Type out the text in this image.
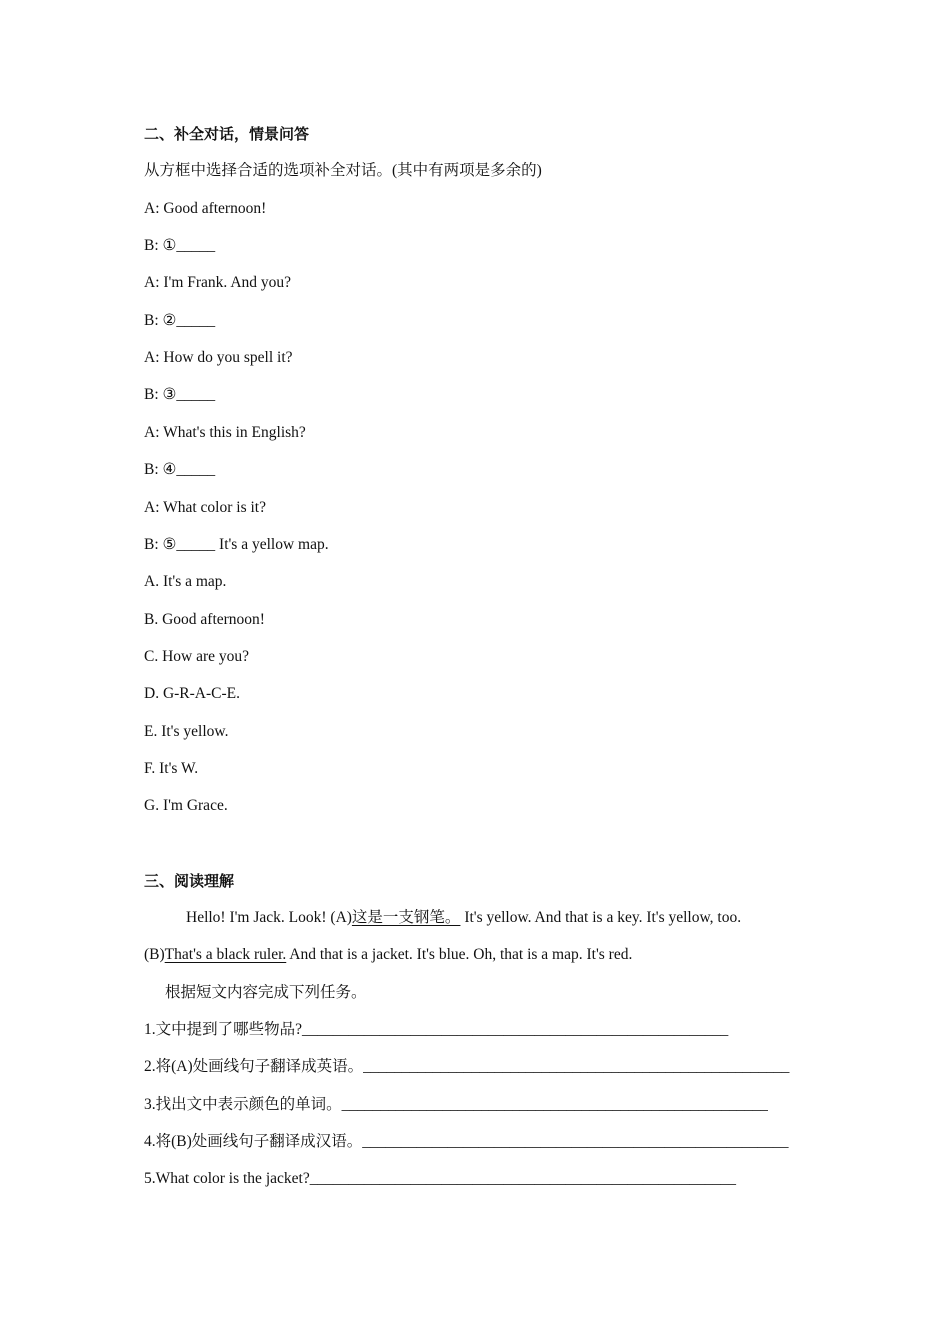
二、补全对话，情景问答
从方框中选择合适的选项补全对话。(其中有两项是多余的)
A: Good afternoon!
B: ①_____
A: I'm Frank. And you?
B: ②_____
A: How do you spell it?
B: ③_____
A: What's this in English?
B: ④_____
A: What color is it?
B: ⑤_____ It's a yellow map.
A. It's a map.
B. Good afternoon!
C. How are you?
D. G-R-A-C-E.
E. It's yellow.
F. It's W.
G. I'm Grace.
三、阅读理解
Hello! I'm Jack. Look! (A)这是一支钢笔。 It's yellow. And that is a key. It's yellow, too.
(B)That's a black ruler. And that is a jacket. It's blue. Oh, that is a map. It's red.
根据短文内容完成下列任务。
1.文中提到了哪些物品?_______________________________________________________
2.将(A)处画线句子翻译成英语。_______________________________________________________
3.找出文中表示颜色的单词。_______________________________________________________
4.将(B)处画线句子翻译成汉语。_______________________________________________________
5.What color is the jacket?_______________________________________________________
